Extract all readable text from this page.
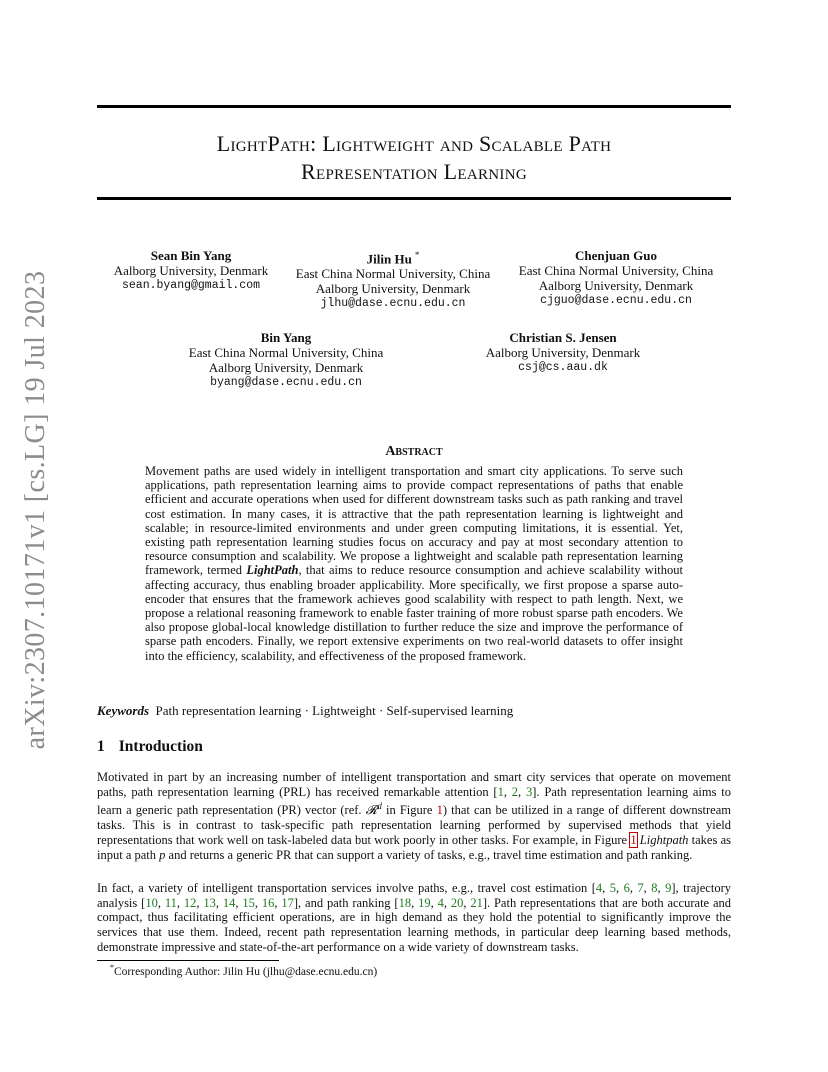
arXiv:2307.10171v1 [cs.LG] 19 Jul 2023
LightPath: Lightweight and Scalable Path
Representation Learning
Sean Bin Yang
Aalborg University, Denmark
sean.byang@gmail.com
Jilin Hu *
East China Normal University, China
Aalborg University, Denmark
jlhu@dase.ecnu.edu.cn
Chenjuan Guo
East China Normal University, China
Aalborg University, Denmark
cjguo@dase.ecnu.edu.cn
Bin Yang
East China Normal University, China
Aalborg University, Denmark
byang@dase.ecnu.edu.cn
Christian S. Jensen
Aalborg University, Denmark
csj@cs.aau.dk
Abstract
Movement paths are used widely in intelligent transportation and smart city applications. To serve such applications, path representation learning aims to provide compact representations of paths that enable efficient and accurate operations when used for different downstream tasks such as path ranking and travel cost estimation. In many cases, it is attractive that the path representation learning is lightweight and scalable; in resource-limited environments and under green computing limitations, it is essential. Yet, existing path representation learning studies focus on accuracy and pay at most secondary attention to resource consumption and scalability. We propose a lightweight and scalable path representation learning framework, termed LightPath, that aims to reduce resource consumption and achieve scalability without affecting accuracy, thus enabling broader applicability. More specifically, we first propose a sparse auto-encoder that ensures that the framework achieves good scalability with respect to path length. Next, we propose a relational reasoning framework to enable faster training of more robust sparse path encoders. We also propose global-local knowledge distillation to further reduce the size and improve the performance of sparse path encoders. Finally, we report extensive experiments on two real-world datasets to offer insight into the efficiency, scalability, and effectiveness of the proposed framework.
Keywords Path representation learning · Lightweight · Self-supervised learning
1 Introduction
Motivated in part by an increasing number of intelligent transportation and smart city services that operate on movement paths, path representation learning (PRL) has received remarkable attention [1, 2, 3]. Path representation learning aims to learn a generic path representation (PR) vector (ref. 𝓡$^d$ in Figure 1) that can be utilized in a range of different downstream tasks. This is in contrast to task-specific path representation learning performed by supervised methods that yield representations that work well on task-labeled data but work poorly in other tasks. For example, in Figure 1 Lightpath takes as input a path p and returns a generic PR that can support a variety of tasks, e.g., travel time estimation and path ranking.
In fact, a variety of intelligent transportation services involve paths, e.g., travel cost estimation [4, 5, 6, 7, 8, 9], trajectory analysis [10, 11, 12, 13, 14, 15, 16, 17], and path ranking [18, 19, 4, 20, 21]. Path representations that are both accurate and compact, thus facilitating efficient operations, are in high demand as they hold the potential to significantly improve the services that use them. Indeed, recent path representation learning methods, in particular deep learning based methods, demonstrate impressive and state-of-the-art performance on a wide variety of downstream tasks.
*Corresponding Author: Jilin Hu (jlhu@dase.ecnu.edu.cn)
